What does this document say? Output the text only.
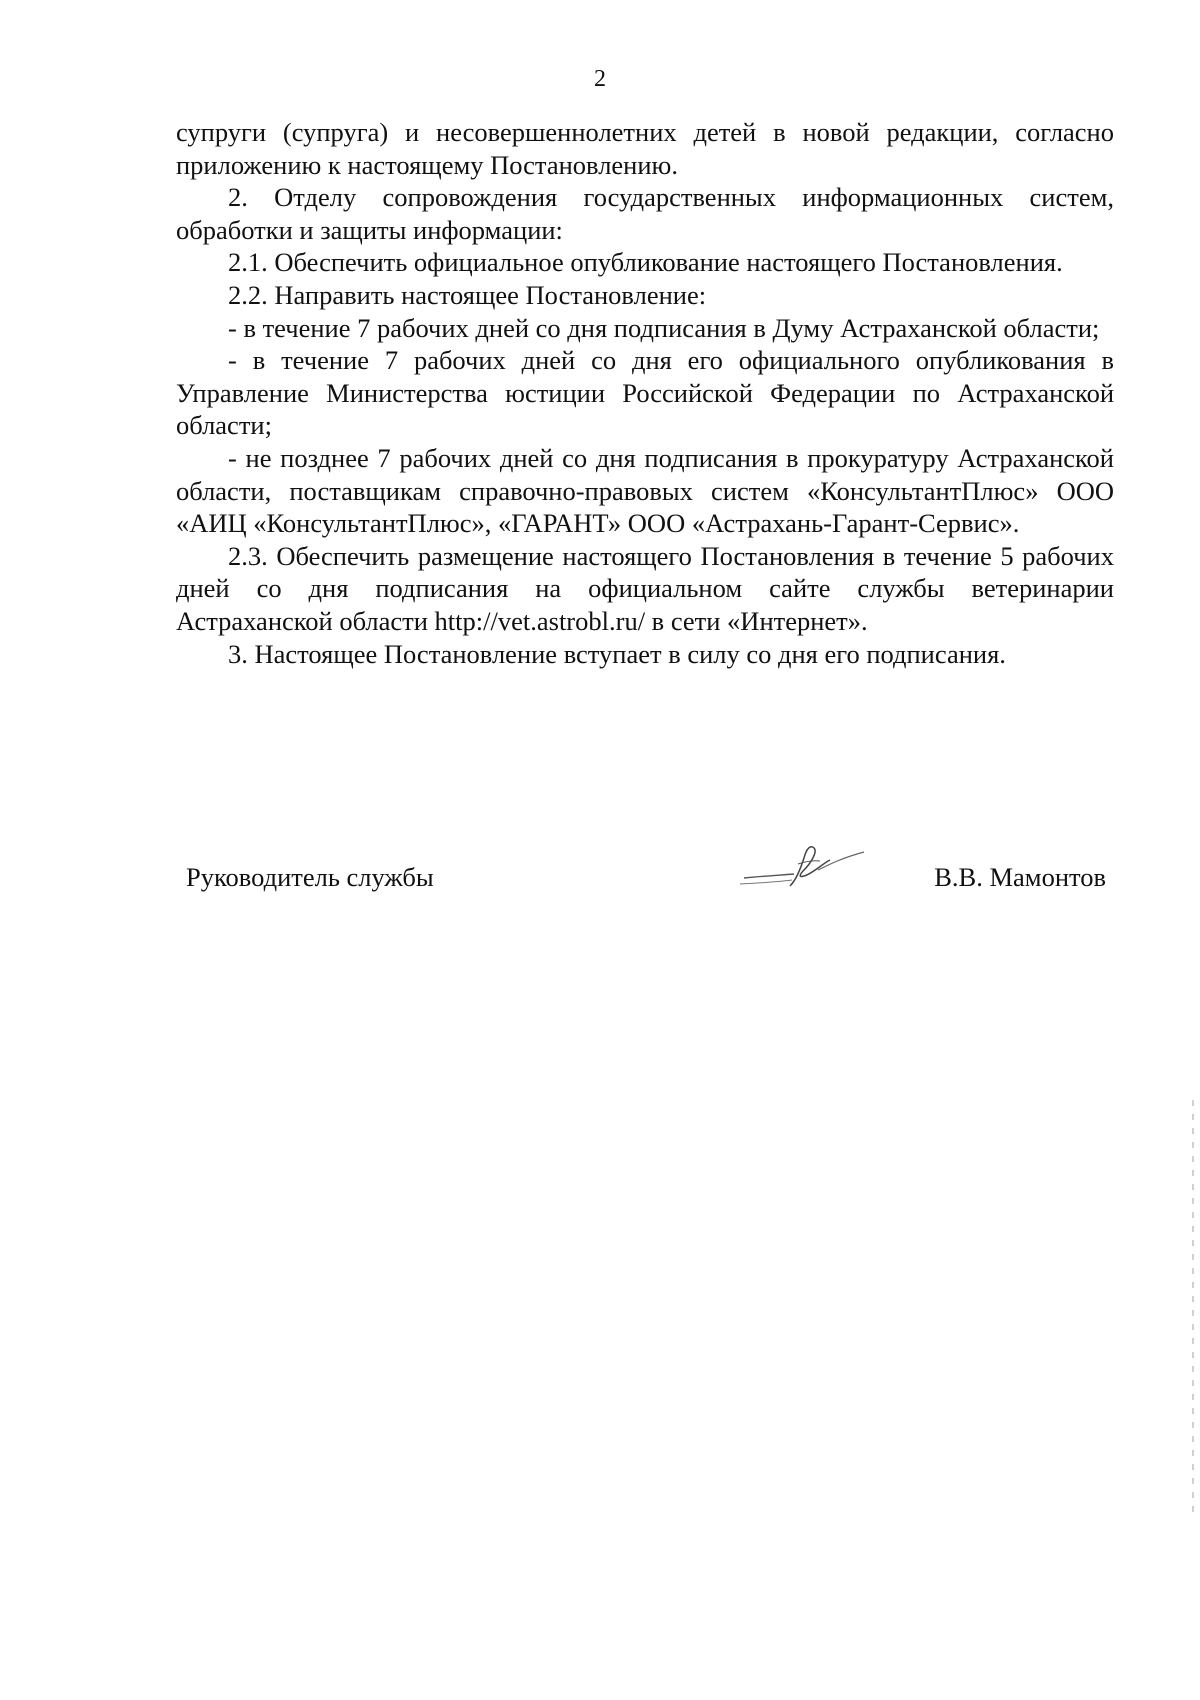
2

супруги (супруга) и несовершеннолетних детей в новой редакции, согласно приложению к настоящему Постановлению.

2. Отделу сопровождения государственных информационных систем, обработки и защиты информации:

2.1. Обеспечить официальное опубликование настоящего Постановления.

2.2. Направить настоящее Постановление:

- в течение 7 рабочих дней со дня подписания в Думу Астраханской области;

- в течение 7 рабочих дней со дня его официального опубликования в Управление Министерства юстиции Российской Федерации по Астраханской области;

- не позднее 7 рабочих дней со дня подписания в прокуратуру Астраханской области, поставщикам справочно-правовых систем «КонсультантПлюс» ООО «АИЦ «КонсультантПлюс», «ГАРАНТ» ООО «Астрахань-Гарант-Сервис».

2.3. Обеспечить размещение настоящего Постановления в течение 5 рабочих дней со дня подписания на официальном сайте службы ветеринарии Астраханской области http://vet.astrobl.ru/ в сети «Интернет».

3. Настоящее Постановление вступает в силу со дня его подписания.

Руководитель службы	В.В. Мамонтов
